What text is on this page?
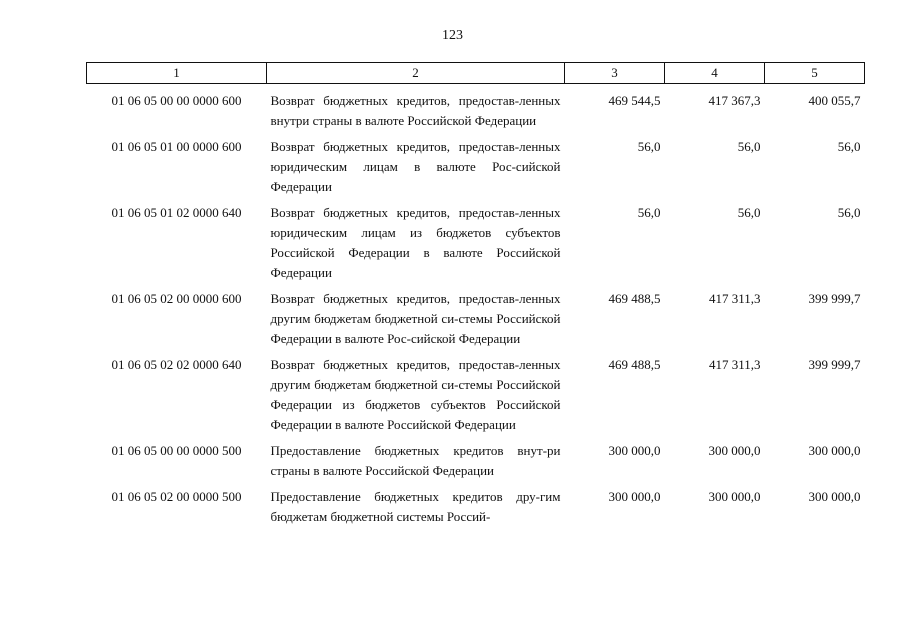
123
1	2	3	4	5
01 06 05 00 00 0000 600	Возврат бюджетных кредитов, предостав-ленных внутри страны в валюте Российской Федерации	469 544,5	417 367,3	400 055,7
01 06 05 01 00 0000 600	Возврат бюджетных кредитов, предостав-ленных юридическим лицам в валюте Рос-сийской Федерации	56,0	56,0	56,0
01 06 05 01 02 0000 640	Возврат бюджетных кредитов, предостав-ленных юридическим лицам из бюджетов субъектов Российской Федерации в валюте Российской Федерации	56,0	56,0	56,0
01 06 05 02 00 0000 600	Возврат бюджетных кредитов, предостав-ленных другим бюджетам бюджетной си-стемы Российской Федерации в валюте Рос-сийской Федерации	469 488,5	417 311,3	399 999,7
01 06 05 02 02 0000 640	Возврат бюджетных кредитов, предостав-ленных другим бюджетам бюджетной си-стемы Российской Федерации из бюджетов субъектов Российской Федерации в валюте Российской Федерации	469 488,5	417 311,3	399 999,7
01 06 05 00 00 0000 500	Предоставление бюджетных кредитов внут-ри страны в валюте Российской Федерации	300 000,0	300 000,0	300 000,0
01 06 05 02 00 0000 500	Предоставление бюджетных кредитов дру-гим бюджетам бюджетной системы Россий-	300 000,0	300 000,0	300 000,0
